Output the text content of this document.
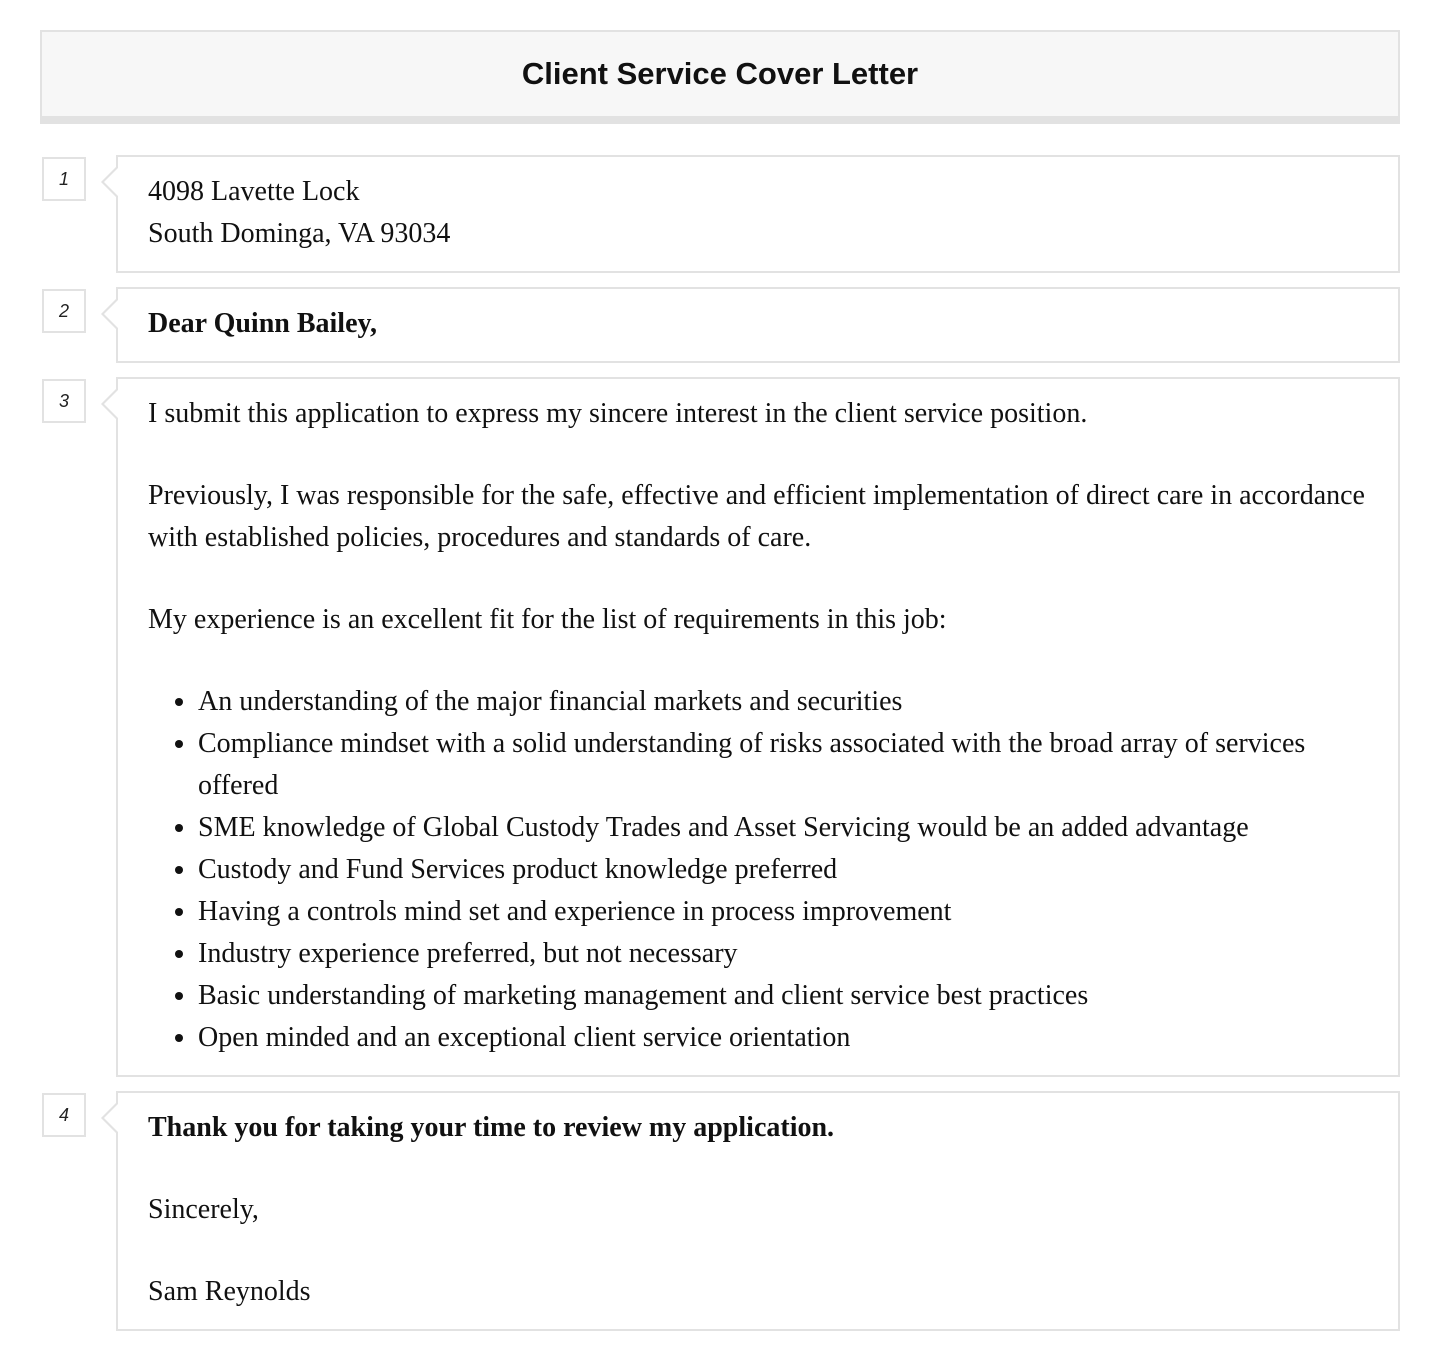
Client Service Cover Letter
1	4098 Lavette Lock
South Dominga, VA 93034
2	Dear Quinn Bailey,
3	I submit this application to express my sincere interest in the client service position.

Previously, I was responsible for the safe, effective and efficient implementation of direct care in accordance with established policies, procedures and standards of care.

My experience is an excellent fit for the list of requirements in this job:

• An understanding of the major financial markets and securities
• Compliance mindset with a solid understanding of risks associated with the broad array of services offered
• SME knowledge of Global Custody Trades and Asset Servicing would be an added advantage
• Custody and Fund Services product knowledge preferred
• Having a controls mind set and experience in process improvement
• Industry experience preferred, but not necessary
• Basic understanding of marketing management and client service best practices
• Open minded and an exceptional client service orientation
4	Thank you for taking your time to review my application.

Sincerely,

Sam Reynolds
